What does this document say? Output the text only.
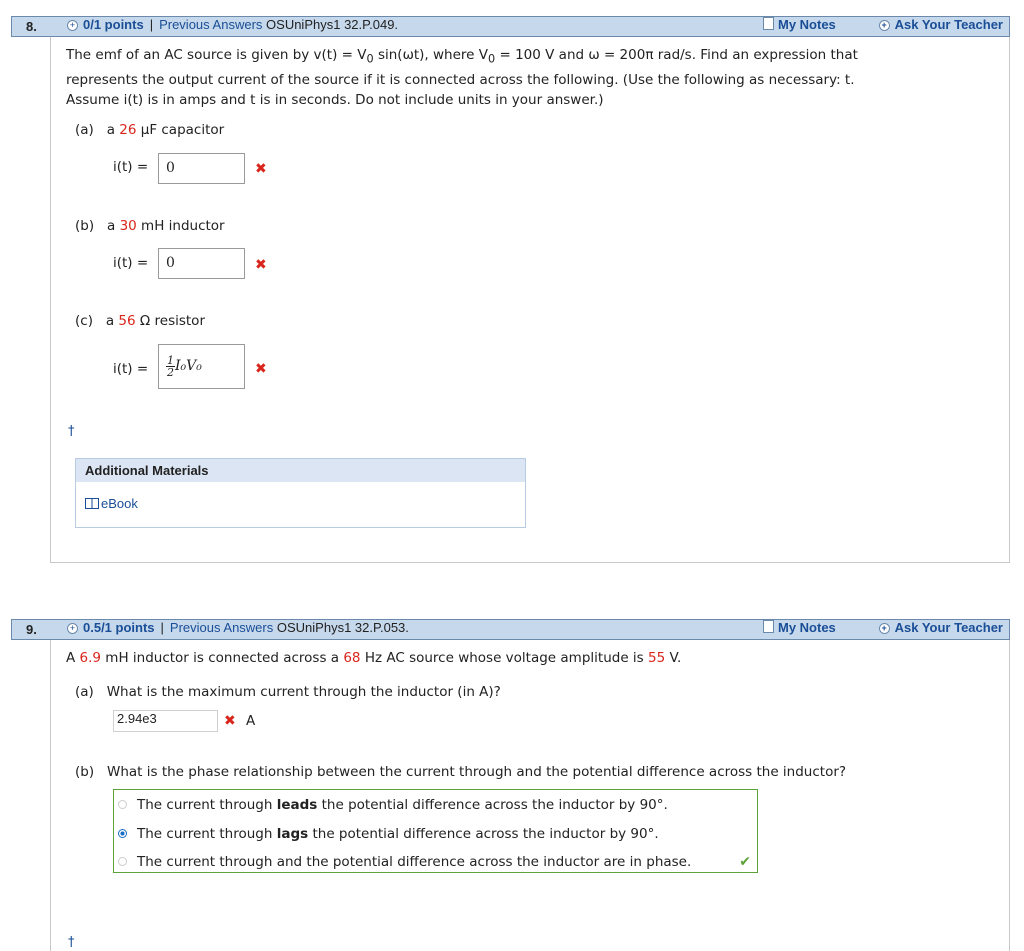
8.	+ 0/1 points | Previous Answers OSUniPhys1 32.P.049.	My Notes	+ Ask Your Teacher
The emf of an AC source is given by $v(t) = V_0$ sin(ωt), where $V_0 = 100$ V and ω = 200π rad/s. Find an expression that
represents the output current of the source if it is connected across the following. (Use the following as necessary: t.
Assume i(t) is in amps and t is in seconds. Do not include units in your answer.)
(a) a 26 μF capacitor
i(t) =	0	✖
(b) a 30 mH inductor
i(t) =	0	✖
(c) a 56 Ω resistor
$i(t) = \frac{1}{2} I_0V_0$	✖
†
Additional Materials
eBook
9.	+ 0.5/1 points | Previous Answers OSUniPhys1 32.P.053.	My Notes	+ Ask Your Teacher
A 6.9 mH inductor is connected across a 68 Hz AC source whose voltage amplitude is 55 V.
(a) What is the maximum current through the inductor (in A)?
2.94e3	✖ A
(b) What is the phase relationship between the current through and the potential difference across the inductor?
The current through leads the potential difference across the inductor by 90°.
The current through lags the potential difference across the inductor by 90°.
The current through and the potential difference across the inductor are in phase.	✔
†
